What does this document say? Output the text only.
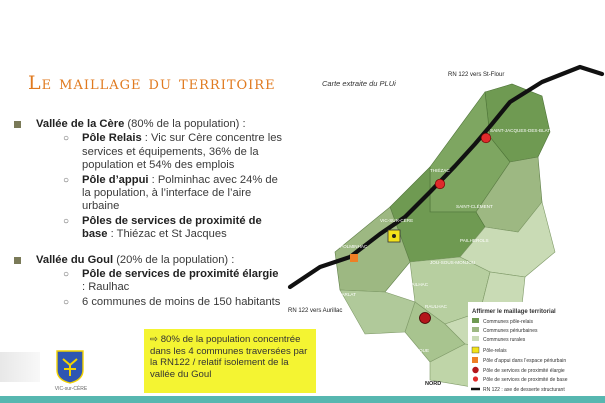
Le maillage du territoire
Vallée de la Cère (80% de la population) :
○ Pôle Relais : Vic sur Cère concentre les services et équipements, 36% de la population et 54% des emplois
○ Pôle d’appui : Polminhac avec 24% de la population, à l’interface de l’aire urbaine
○ Pôles de services de proximité de base : Thiézac et St Jacques
Vallée du Goul (20% de la population) :
○ Pôle de services de proximité élargie : Raulhac
○ 6 communes de moins de 150 habitants
⇨ 80% de la population concentrée dans les 4 communes traversées par la RN122 / relatif isolement de la vallée du Goul
Carte extraite du PLUi
RN 122 vers St-Flour
RN 122 vers Aurillac
SAINT-JACQUES-DES-BLATS
THIÉZAC
SAINT-CLÉMENT
VIC-SUR-CÈRE
POLMINHAC
PAILHEROLS
JOU-SOUS-MONJOU
SAINT-ÉTIENNE-DE-CARLAT
BADAILHAC
RAULHAC
CROS-DE-RONESQUE
NORD
Affirmer le maillage territorial
Communes pôle-relais
Communes périurbaines
Communes rurales
Pôle-relais
Pôle d’appui dans l’espace périurbain
Pôle de services de proximité élargie
Pôle de services de proximité de base
RN 122 : axe de desserte structurant
VIC-sur-CÈRE
